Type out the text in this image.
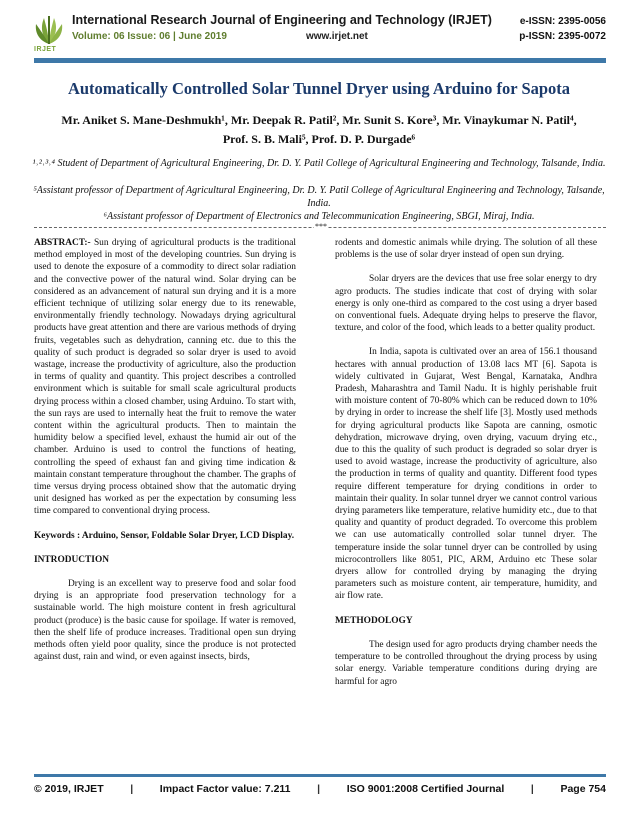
IRJET
International Research Journal of Engineering and Technology (IRJET)
Volume: 06 Issue: 06 | June 2019	www.irjet.net
e-ISSN: 2395-0056
p-ISSN: 2395-0072
Automatically Controlled Solar Tunnel Dryer using Arduino for Sapota
Mr. Aniket S. Mane-Deshmukh¹, Mr. Deepak R. Patil², Mr. Sunit S. Kore³, Mr. Vinaykumar N. Patil⁴,
Prof. S. B. Mali⁵, Prof. D. P. Durgade⁶
¹˒²˒³˒⁴ Student of Department of Agricultural Engineering, Dr. D. Y. Patil College of Agricultural Engineering and Technology, Talsande, India.
⁵Assistant professor of Department of Agricultural Engineering, Dr. D. Y. Patil College of Agricultural Engineering and Technology, Talsande, India.
⁶Assistant professor of Department of Electronics and Telecommunication Engineering, SBGI, Miraj, India.
***

ABSTRACT:- Sun drying of agricultural products is the traditional method employed in most of the developing countries. Sun drying is used to denote the exposure of a commodity to direct solar radiation and the convective power of the natural wind. Solar drying can be considered as an advancement of natural sun drying and it is a more efficient technique of utilizing solar energy due to its renewable, environmentally friendly technology. Nowadays drying agricultural products have great attention and there are various methods of drying fruits, vegetables such as dehydration, canning etc. due to this the quality of such product is degraded so solar dryer is used to avoid wastage, increase the productivity of agriculture, also the production in terms of quality and quantity. This project describes a controlled environment which is suitable for small scale agricultural products drying process within a closed chamber, using Arduino. To start with, the sun rays are used to internally heat the fruit to remove the water content within the agricultural products. Then to maintain the humidity below a specified level, exhaust the humid air out of the chamber. Arduino is used to control the functions of heating, controlling the speed of exhaust fan and giving time indication & maintain constant temperature throughout the chamber. The graphs of time versus drying process obtained show that the automatic drying unit designed has worked as per the expectation by consuming less time compared to conventional drying process.

Keywords : Arduino, Sensor, Foldable Solar Dryer, LCD Display.

INTRODUCTION

Drying is an excellent way to preserve food and solar food drying is an appropriate food preservation technology for a sustainable world. The high moisture content in fresh agricultural product (produce) is the basic cause for spoilage. If water is removed, then the shelf life of produce increases. Traditional open sun drying methods often yield poor quality, since the produce is not protected against dust, rain and wind, or even against insects, birds,

rodents and domestic animals while drying. The solution of all these problems is the use of solar dryer instead of open sun drying.

Solar dryers are the devices that use free solar energy to dry agro products. The studies indicate that cost of drying with solar energy is only one-third as compared to the cost using a dryer based on conventional fuels. Adequate drying helps to preserve the flavor, texture, and color of the food, which leads to a better quality product.

In India, sapota is cultivated over an area of 156.1 thousand hectares with annual production of 13.08 lacs MT [6]. Sapota is widely cultivated in Gujarat, West Bengal, Karnataka, Andhra Pradesh, Maharashtra and Tamil Nadu. It is highly perishable fruit with moisture content of 70-80% which can be reduced down to 10% by drying in order to increase the shelf life [3]. Mostly used methods for drying agricultural products like Sapota are canning, osmotic dehydration, microwave drying, oven drying, vacuum drying etc., due to this the quality of such product is degraded so solar dryer is used to avoid wastage, increase the productivity of agriculture, also the production in terms of quality and quantity. Different food types require different temperature for drying conditions in order to maintain their quality. In solar tunnel dryer we cannot control various drying parameters like temperature, relative humidity etc., due to that quality and quantity of product degraded. To overcome this problem we can use automatically controlled solar tunnel dryer. The temperature inside the solar tunnel dryer can be controlled by using microcontrollers like 8051, PIC, ARM, Arduino etc These solar dryers allow for controlled drying by managing the drying parameters such as moisture content, air temperature, humidity, and air flow rate.

METHODOLOGY

The design used for agro products drying chamber needs the temperature to be controlled throughout the drying process by using solar energy. Variable temperature conditions during drying are harmful for agro

© 2019, IRJET	|	Impact Factor value: 7.211	|	ISO 9001:2008 Certified Journal	|	Page 754
